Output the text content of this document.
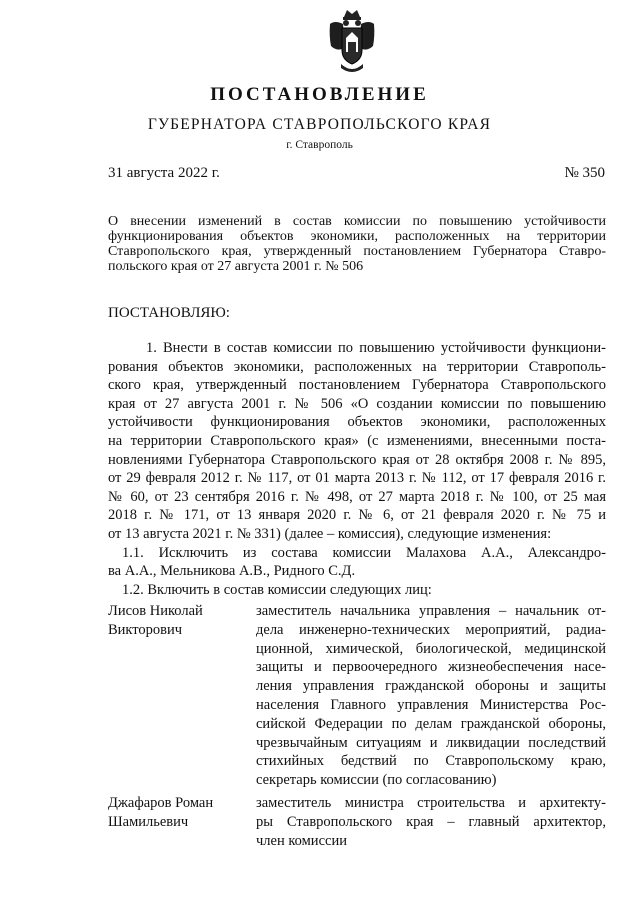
ПОСТАНОВЛЕНИЕ
ГУБЕРНАТОРА СТАВРОПОЛЬСКОГО КРАЯ
г. Ставрополь
31 августа 2022 г.	№ 350
О внесении изменений в состав комиссии по повышению устойчивости
функционирования объектов экономики, расположенных на территории
Ставропольского края, утвержденный постановлением Губернатора Ставро-
польского края от 27 августа 2001 г. № 506
ПОСТАНОВЛЯЮ:
1. Внести в состав комиссии по повышению устойчивости функциони-
рования объектов экономики, расположенных на территории Ставрополь-
ского края, утвержденный постановлением Губернатора Ставропольского
края от 27 августа 2001 г. № 506 «О создании комиссии по повышению
устойчивости функционирования объектов экономики, расположенных
на территории Ставропольского края» (с изменениями, внесенными поста-
новлениями Губернатора Ставропольского края от 28 октября 2008 г. № 895,
от 29 февраля 2012 г. № 117, от 01 марта 2013 г. № 112, от 17 февраля 2016 г.
№ 60, от 23 сентября 2016 г. № 498, от 27 марта 2018 г. № 100, от 25 мая
2018 г. № 171, от 13 января 2020 г. № 6, от 21 февраля 2020 г. № 75 и
от 13 августа 2021 г. № 331) (далее – комиссия), следующие изменения:
1.1. Исключить из состава комиссии Малахова А.А., Александро-
ва А.А., Мельникова А.В., Ридного С.Д.
1.2. Включить в состав комиссии следующих лиц:
Лисов Николай
Викторович
заместитель начальника управления – начальник от-
дела инженерно-технических мероприятий, радиа-
ционной, химической, биологической, медицинской
защиты и первоочередного жизнеобеспечения насе-
ления управления гражданской обороны и защиты
населения Главного управления Министерства Рос-
сийской Федерации по делам гражданской обороны,
чрезвычайным ситуациям и ликвидации последствий
стихийных бедствий по Ставропольскому краю,
секретарь комиссии (по согласованию)
Джафаров Роман
Шамильевич
заместитель министра строительства и архитекту-
ры Ставропольского края – главный архитектор,
член комиссии
